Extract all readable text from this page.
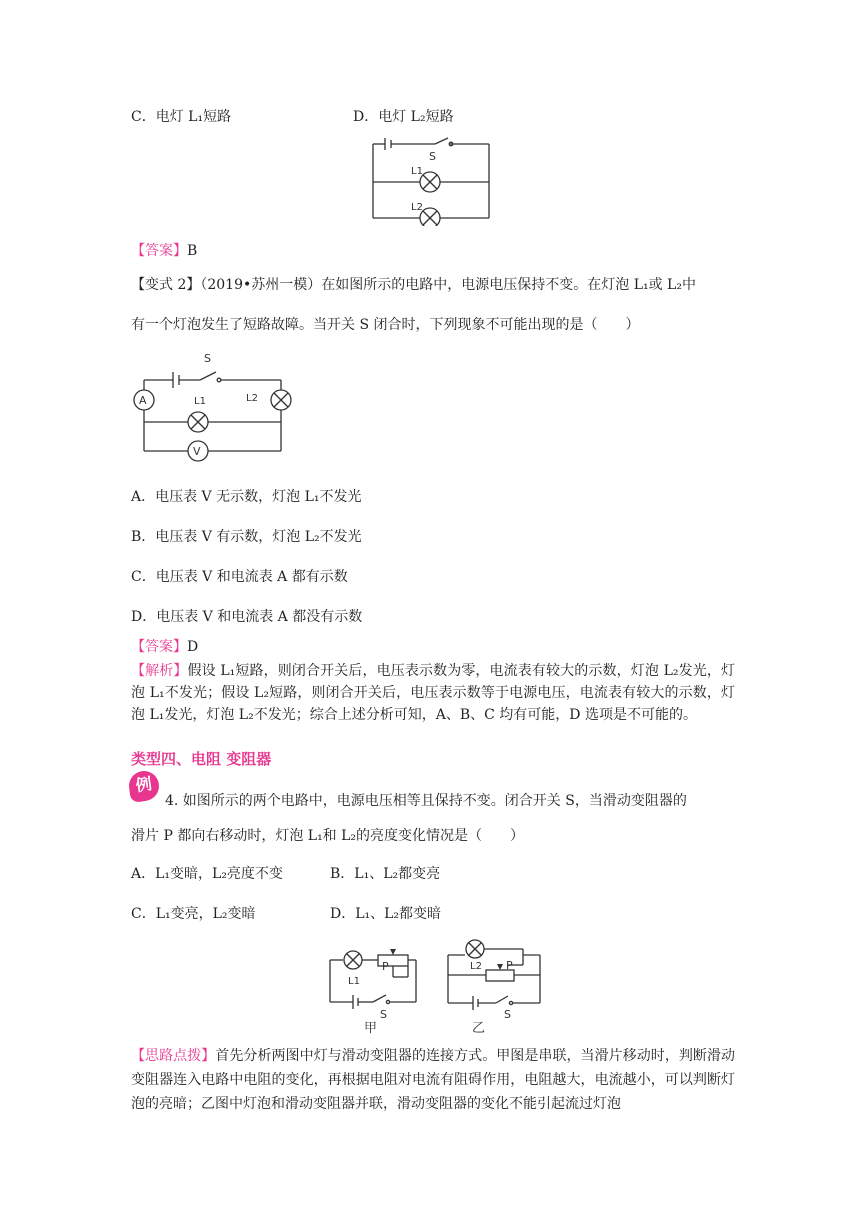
C．电灯 L₁短路	D．电灯 L₂短路
S
L1
L2
【答案】B
【变式 2】（2019•苏州一模）在如图所示的电路中，电源电压保持不变。在灯泡 L₁或 L₂中
有一个灯泡发生了短路故障。当开关 S 闭合时，下列现象不可能出现的是（　　）
S
A
V
L1	L2
A．电压表 V 无示数，灯泡 L₁不发光
B．电压表 V 有示数，灯泡 L₂不发光
C．电压表 V 和电流表 A 都有示数
D．电压表 V 和电流表 A 都没有示数
【答案】D
【解析】假设 L₁短路，则闭合开关后，电压表示数为零，电流表有较大的示数，灯泡 L₂发光，灯泡 L₁不发光；假设 L₂短路，则闭合开关后，电压表示数等于电源电压，电流表有较大的示数，灯泡 L₁发光，灯泡 L₂不发光；综合上述分析可知，A、B、C 均有可能，D 选项是不可能的。
类型四、电阻 变阻器
例
4. 如图所示的两个电路中，电源电压相等且保持不变。闭合开关 S，当滑动变阻器的
滑片 P 都向右移动时，灯泡 L₁和 L₂的亮度变化情况是（　　）
A．L₁变暗，L₂亮度不变	B．L₁、L₂都变亮
C．L₁变亮，L₂变暗	D．L₁、L₂都变暗
P	P
L1
L2
S	S
甲	乙
【思路点拨】首先分析两图中灯与滑动变阻器的连接方式。甲图是串联，当滑片移动时，判断滑动变阻器连入电路中电阻的变化，再根据电阻对电流有阻碍作用，电阻越大，电流越小，可以判断灯泡的亮暗；乙图中灯泡和滑动变阻器并联，滑动变阻器的变化不能引起流过灯泡
